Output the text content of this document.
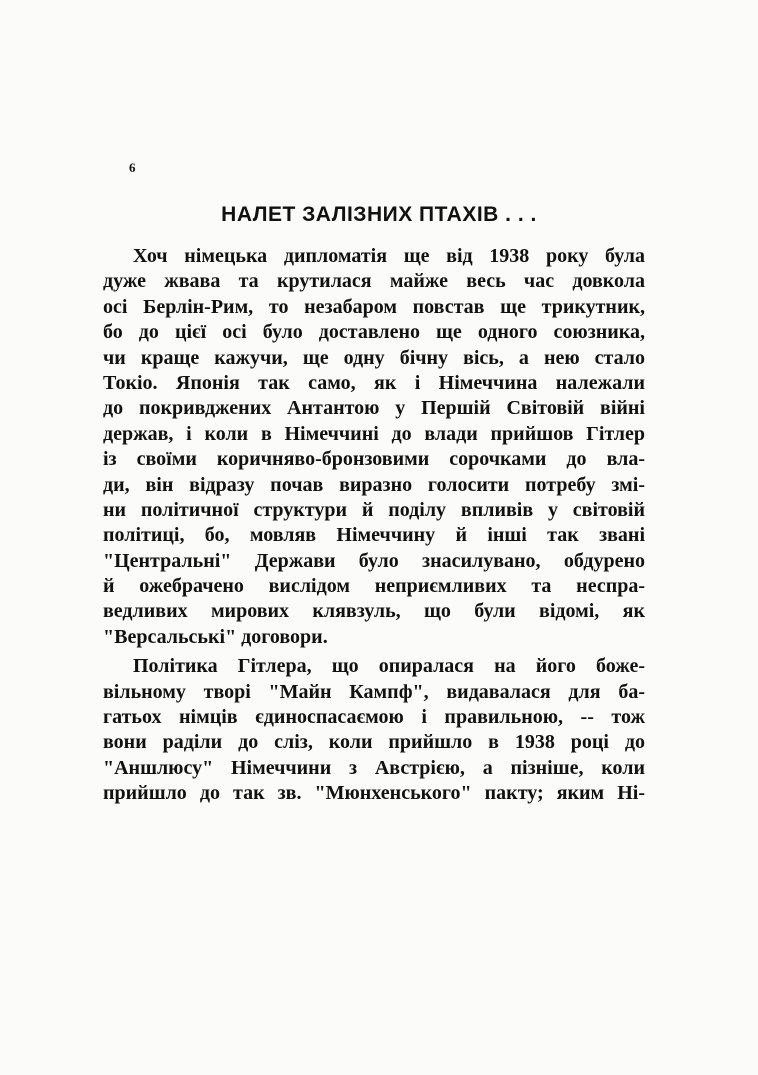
6
НАЛЕТ ЗАЛІЗНИХ ПТАХІВ . . .
Хоч німецька дипломатія ще від 1938 року була
дуже жвава та крутилася майже весь час довкола
осі Берлін-Рим, то незабаром повстав ще трикутник,
бо до цієї осі було доставлено ще одного союзника,
чи краще кажучи, ще одну бічну вісь, а нею стало
Токіо. Японія так само, як і Німеччина належали
до покривджених Антантою у Першій Світовій війні
держав, і коли в Німеччині до влади прийшов Гітлер
із своїми коричняво-бронзовими сорочками до вла-
ди, він відразу почав виразно голосити потребу змі-
ни політичної структури й поділу впливів у світовій
політиці, бо, мовляв Німеччину й інші так звані
"Центральні" Держави було знасилувано, обдурено
й ожебрачено вислідом неприємливих та неспра-
ведливих мирових клявзуль, що були відомі, як
"Версальські" договори.
Політика Гітлера, що опиралася на його боже-
вільному творі "Майн Кампф", видавалася для ба-
гатьох німців єдиноспасаємою і правильною, -- тож
вони раділи до сліз, коли прийшло в 1938 році до
"Аншлюсу" Німеччини з Австрією, а пізніше, коли
прийшло до так зв. "Мюнхенського" пакту; яким Ні-
